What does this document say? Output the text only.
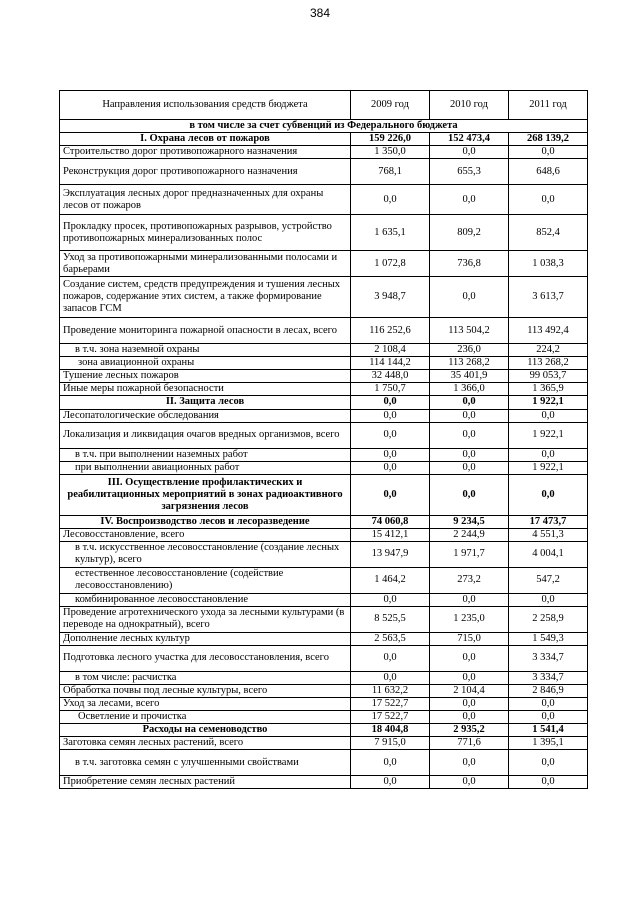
384
Направления использования средств бюджета	2009 год	2010 год	2011 год
в том числе за счет субвенций из Федерального бюджета			
I. Охрана лесов от пожаров	159 226,0	152 473,4	268 139,2
Строительство дорог противопожарного назначения	1 350,0	0,0	0,0
Реконструкция дорог противопожарного назначения	768,1	655,3	648,6
Эксплуатация лесных дорог предназначенных для охраны лесов от пожаров	0,0	0,0	0,0
Прокладку просек, противопожарных разрывов, устройство противопожарных минерализованных полос	1 635,1	809,2	852,4
Уход за противопожарными минерализованными полосами и барьерами	1 072,8	736,8	1 038,3
Создание систем, средств предупреждения и тушения лесных пожаров, содержание этих систем, а также формирование запасов ГСМ	3 948,7	0,0	3 613,7
Проведение мониторинга пожарной опасности в лесах, всего	116 252,6	113 504,2	113 492,4
в т.ч. зона наземной охраны	2 108,4	236,0	224,2
зона авиационной охраны	114 144,2	113 268,2	113 268,2
Тушение лесных пожаров	32 448,0	35 401,9	99 053,7
Иные меры пожарной безопасности	1 750,7	1 366,0	1 365,9
II. Защита лесов	0,0	0,0	1 922,1
Лесопатологические обследования	0,0	0,0	0,0
Локализация и ликвидация очагов вредных организмов, всего	0,0	0,0	1 922,1
в т.ч. при выполнении наземных работ	0,0	0,0	0,0
при выполнении авиационных работ	0,0	0,0	1 922,1
III. Осуществление профилактических и реабилитационных мероприятий в зонах радиоактивного загрязнения лесов	0,0	0,0	0,0
IV. Воспроизводство лесов и лесоразведение	74 060,8	9 234,5	17 473,7
Лесовосстановление, всего	15 412,1	2 244,9	4 551,3
в т.ч. искусственное лесовосстановление (создание лесных культур), всего	13 947,9	1 971,7	4 004,1
естественное лесовосстановление (содействие лесовосстановлению)	1 464,2	273,2	547,2
комбинированное лесовосстановление	0,0	0,0	0,0
Проведение агротехнического ухода за лесными культурами (в переводе на однократный), всего	8 525,5	1 235,0	2 258,9
Дополнение лесных культур	2 563,5	715,0	1 549,3
Подготовка лесного участка для лесовосстановления, всего	0,0	0,0	3 334,7
в том числе: расчистка	0,0	0,0	3 334,7
Обработка почвы под лесные культуры, всего	11 632,2	2 104,4	2 846,9
Уход за лесами, всего	17 522,7	0,0	0,0
Осветление и прочистка	17 522,7	0,0	0,0
Расходы на семеноводство	18 404,8	2 935,2	1 541,4
Заготовка семян лесных растений, всего	7 915,0	771,6	1 395,1
в т.ч. заготовка семян с улучшенными свойствами	0,0	0,0	0,0
Приобретение семян лесных растений	0,0	0,0	0,0
